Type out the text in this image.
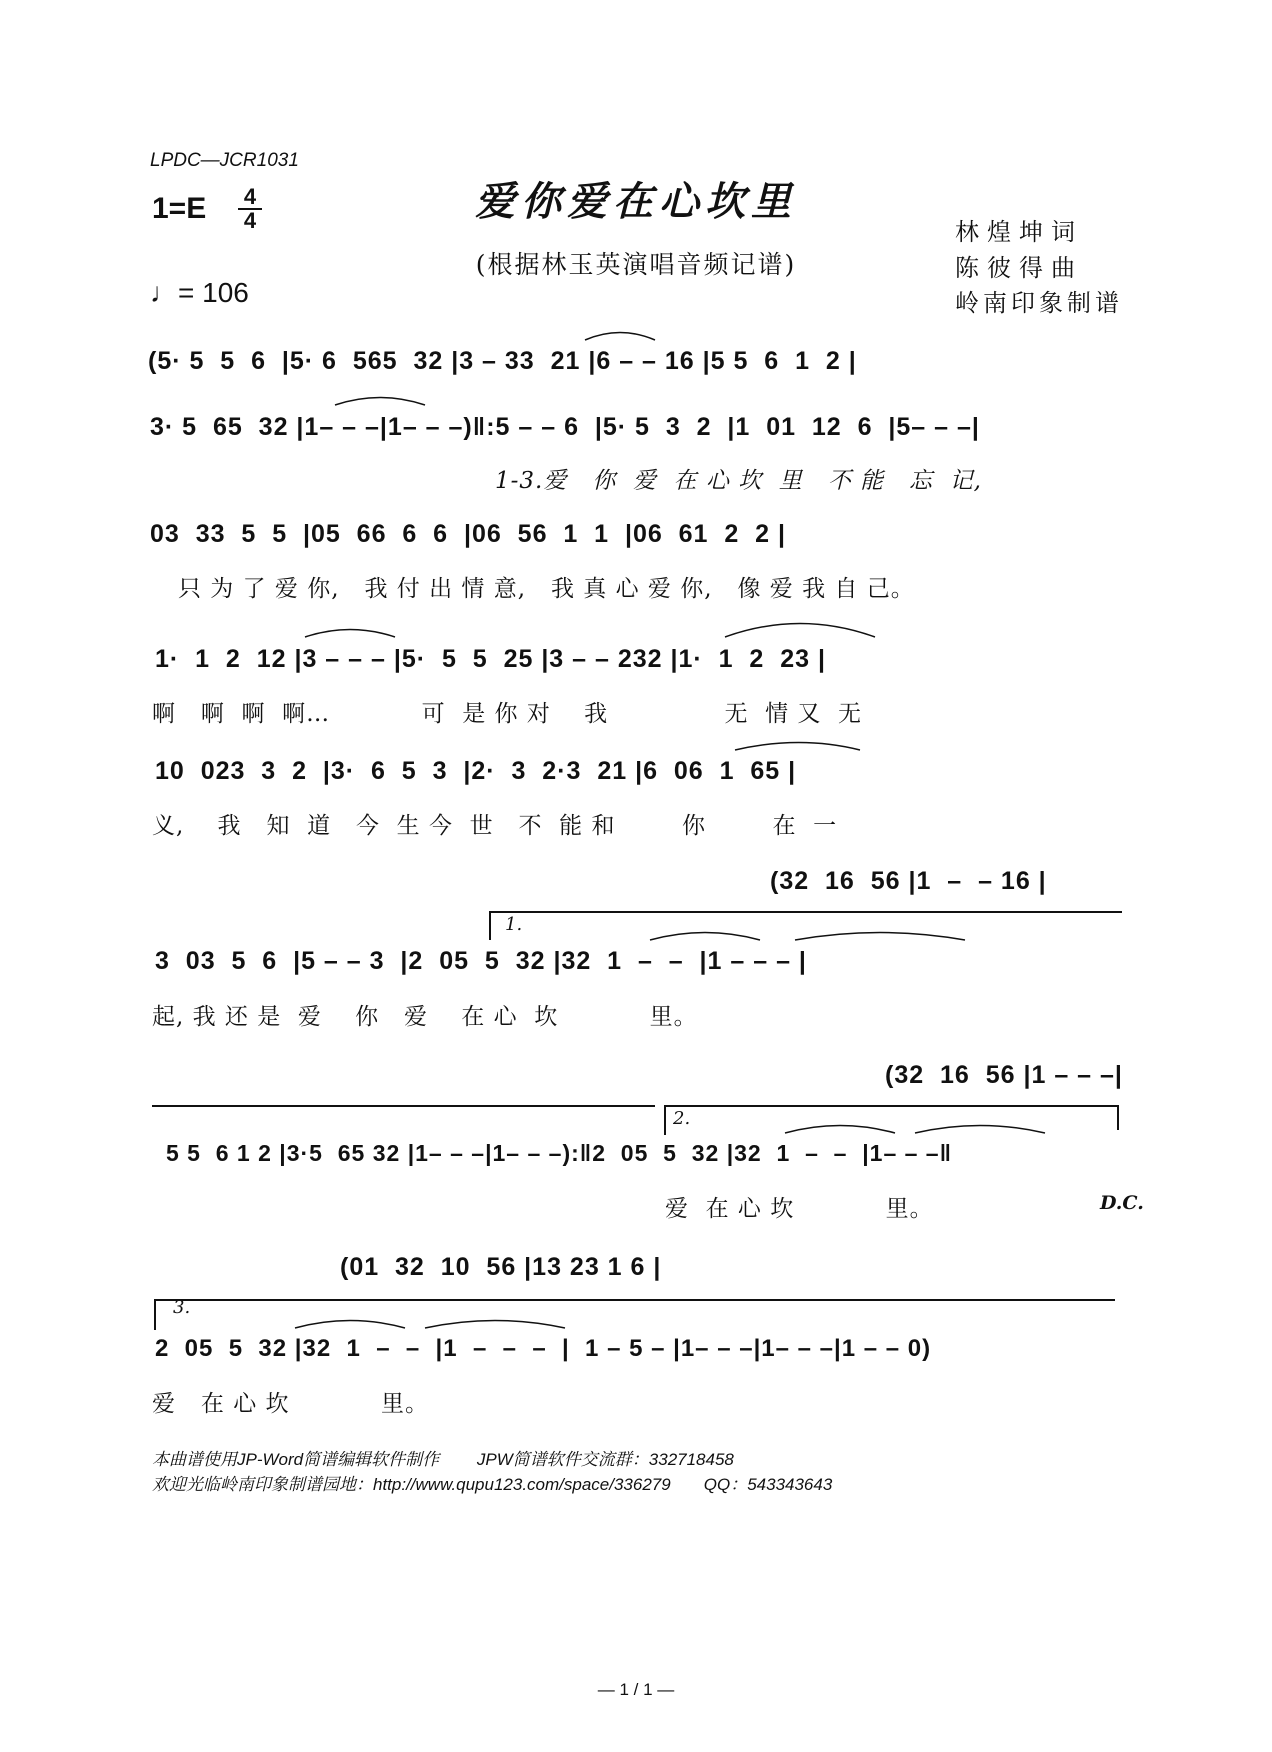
LPDC—JCR1031
爱你爱在心坎里
1=E 4
4
(根据林玉英演唱音频记谱)
♩= 106
林煌坤词
陈彼得曲
岭南印象制谱
(5· 5  5  6  |5· 6  565  32 |3 – 33  21 |6 – – 16 |5 5  6  1  2 |
3· 5  65  32 |1– – –|1– – –)‖:5 – – 6  |5· 5  3  2  |1  01  12  6  |5– – –|
1-3.爱   你  爱  在 心 坎  里   不 能   忘  记,
03  33  5  5  |05  66  6  6  |06  56  1  1  |06  61  2  2 |
只 为 了 爱 你,   我 付 出 情 意,   我 真 心 爱 你,   像 爱 我 自 己。
1·  1  2  12 |3 – – – |5·  5  5  25 |3 – – 232 |1·  1  2  23 |
啊   啊  啊  啊…           可  是 你 对    我              无  情 又  无
10  023  3  2  |3·  6  5  3  |2·  3  2·3  21 |6  06  1  65 |
义,    我   知  道   今  生 今  世   不  能 和        你        在  一
(32  16  56 |1  –  – 16 |
1.
3  03  5  6  |5 – – 3  |2  05  5  32 |32  1  –  –  |1 – – – |
起, 我 还 是  爱    你   爱    在 心  坎           里。
(32  16  56 |1 – – –|
2.
5 5  6 1 2 |3·5  65 32 |1– – –|1– – –):‖2  05  5  32 |32  1  –  –  |1– – –‖
爱  在 心 坎           里。	D.C.
(01  32  10  56 |13 23 1 6 |
3.
2  05  5  32 |32  1  –  –  |1  –  –  –  |  1 – 5 – |1– – –|1– – –|1 – – 0)
爱   在 心 坎           里。
本曲谱使用JP-Word简谱编辑软件制作        JPW简谱软件交流群：332718458
欢迎光临岭南印象制谱园地：http://www.qupu123.com/space/336279       QQ：543343643
— 1 / 1 —
